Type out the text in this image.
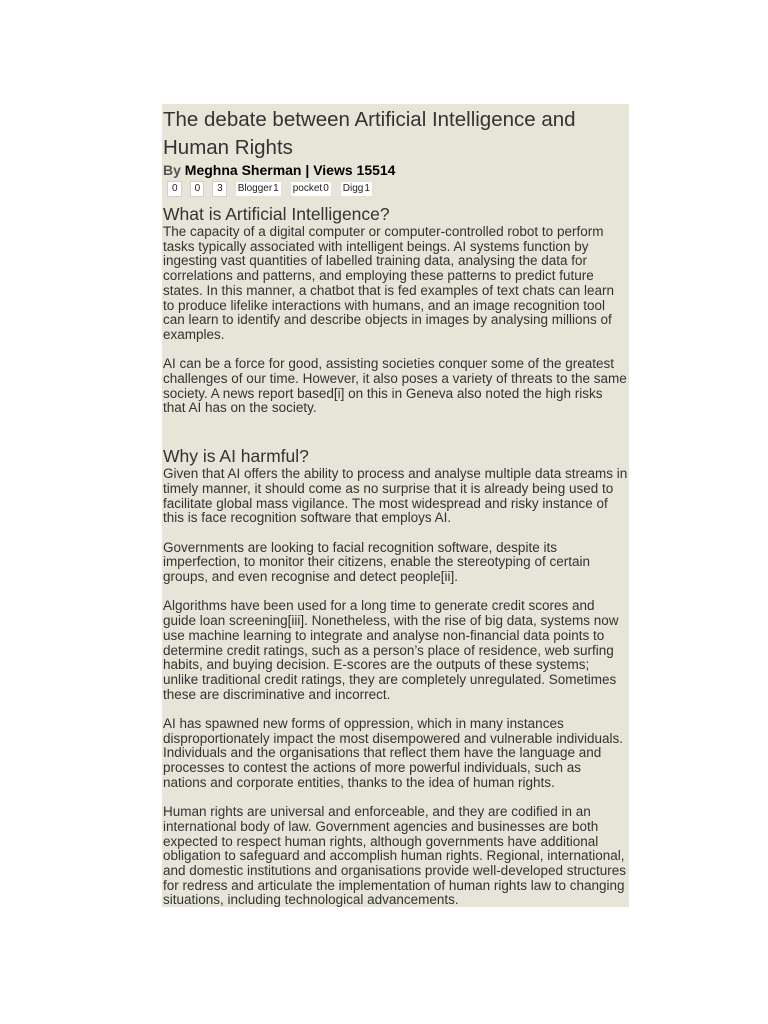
The debate between Artificial Intelligence and Human Rights

By Meghna Sherman | Views 15514

0 0 3 Blogger 1 pocket 0 Digg 1
What is Artificial Intelligence?

The capacity of a digital computer or computer-controlled robot to perform tasks typically associated with intelligent beings. AI systems function by ingesting vast quantities of labelled training data, analysing the data for correlations and patterns, and employing these patterns to predict future states. In this manner, a chatbot that is fed examples of text chats can learn to produce lifelike interactions with humans, and an image recognition tool can learn to identify and describe objects in images by analysing millions of examples.

AI can be a force for good, assisting societies conquer some of the greatest challenges of our time. However, it also poses a variety of threats to the same society. A news report based[i] on this in Geneva also noted the high risks that AI has on the society.

Why is AI harmful?

Given that AI offers the ability to process and analyse multiple data streams in timely manner, it should come as no surprise that it is already being used to facilitate global mass vigilance. The most widespread and risky instance of this is face recognition software that employs AI.

Governments are looking to facial recognition software, despite its imperfection, to monitor their citizens, enable the stereotyping of certain groups, and even recognise and detect people[ii].

Algorithms have been used for a long time to generate credit scores and guide loan screening[iii]. Nonetheless, with the rise of big data, systems now use machine learning to integrate and analyse non-financial data points to determine credit ratings, such as a person’s place of residence, web surfing habits, and buying decision. E-scores are the outputs of these systems; unlike traditional credit ratings, they are completely unregulated. Sometimes these are discriminative and incorrect.

AI has spawned new forms of oppression, which in many instances disproportionately impact the most disempowered and vulnerable individuals. Individuals and the organisations that reflect them have the language and processes to contest the actions of more powerful individuals, such as nations and corporate entities, thanks to the idea of human rights.

Human rights are universal and enforceable, and they are codified in an international body of law. Government agencies and businesses are both expected to respect human rights, although governments have additional obligation to safeguard and accomplish human rights. Regional, international, and domestic institutions and organisations provide well-developed structures for redress and articulate the implementation of human rights law to changing situations, including technological advancements.
